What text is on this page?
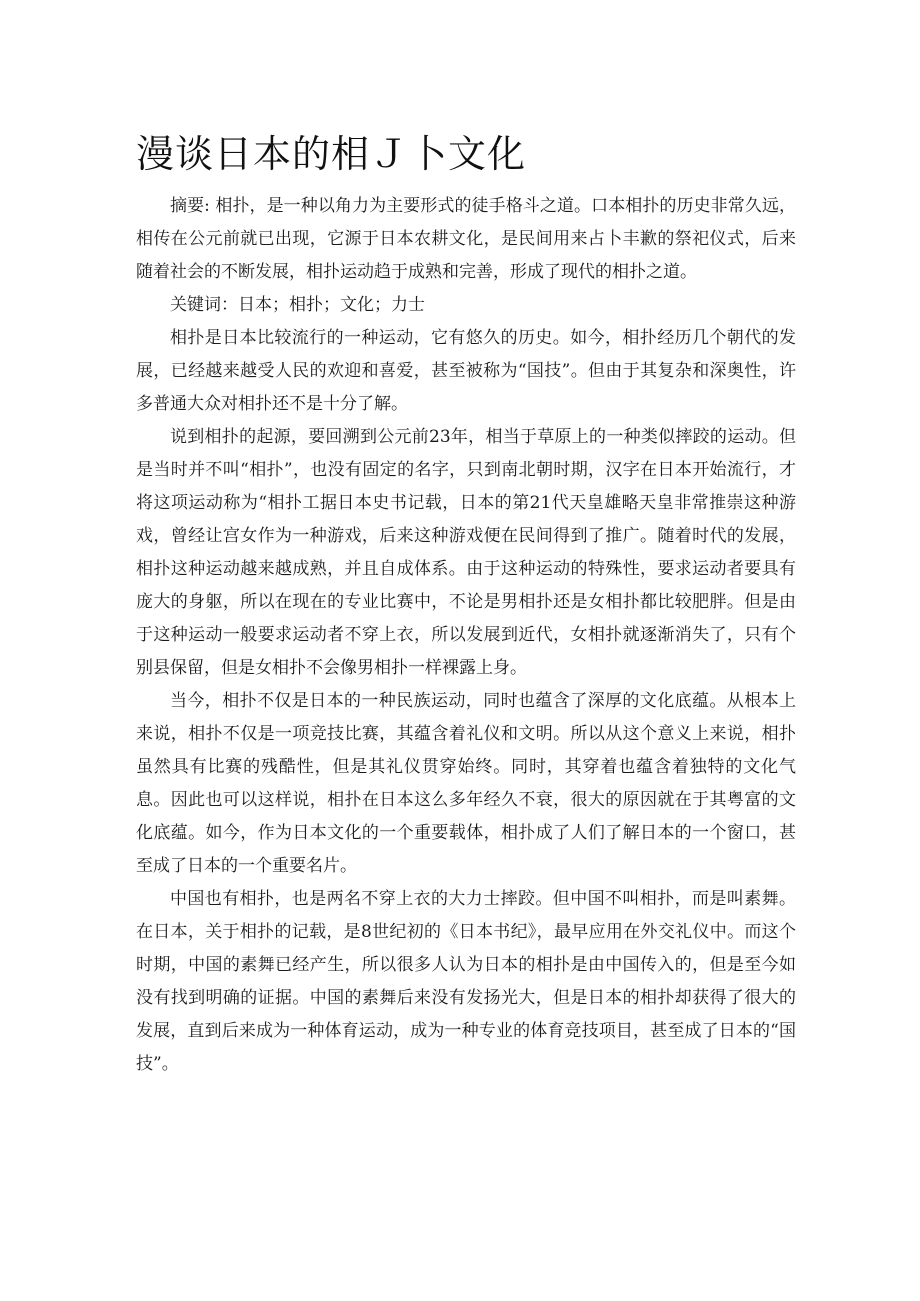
漫谈日本的相Ｊ卜文化

摘要: 相扑，是一种以角力为主要形式的徒手格斗之道。口本相扑的历史非常久远，相传在公元前就已出现，它源于日本农耕文化，是民间用来占卜丰歉的祭祀仪式，后来随着社会的不断发展，相扑运动趋于成熟和完善，形成了现代的相扑之道。

关键词：日本；相扑；文化；力士

相扑是日本比较流行的一种运动，它有悠久的历史。如今，相扑经历几个朝代的发展，已经越来越受人民的欢迎和喜爱，甚至被称为“国技”。但由于其复杂和深奥性，许多普通大众对相扑还不是十分了解。

说到相扑的起源，要回溯到公元前23年，相当于草原上的一种类似摔跤的运动。但是当时并不叫“相扑”，也没有固定的名字，只到南北朝时期，汉字在日本开始流行，才将这项运动称为“相扑工据日本史书记载，日本的第21代天皇雄略天皇非常推崇这种游戏，曾经让宫女作为一种游戏，后来这种游戏便在民间得到了推广。随着时代的发展，相扑这种运动越来越成熟，并且自成体系。由于这种运动的特殊性，要求运动者要具有庞大的身躯，所以在现在的专业比赛中，不论是男相扑还是女相扑都比较肥胖。但是由于这种运动一般要求运动者不穿上衣，所以发展到近代，女相扑就逐渐消失了，只有个别县保留，但是女相扑不会像男相扑一样裸露上身。

当今，相扑不仅是日本的一种民族运动，同时也蕴含了深厚的文化底蕴。从根本上来说，相扑不仅是一项竞技比赛，其蕴含着礼仪和文明。所以从这个意义上来说，相扑虽然具有比赛的残酷性，但是其礼仪贯穿始终。同时，其穿着也蕴含着独特的文化气息。因此也可以这样说，相扑在日本这么多年经久不衰，很大的原因就在于其粤富的文化底蕴。如今，作为日本文化的一个重要载体，相扑成了人们了解日本的一个窗口，甚至成了日本的一个重要名片。

中国也有相扑，也是两名不穿上衣的大力士摔跤。但中国不叫相扑，而是叫素舞。在日本，关于相扑的记载，是8世纪初的《日本书纪》，最早应用在外交礼仪中。而这个时期，中国的素舞已经产生，所以很多人认为日本的相扑是由中国传入的，但是至今如没有找到明确的证据。中国的素舞后来没有发扬光大，但是日本的相扑却获得了很大的发展，直到后来成为一种体育运动，成为一种专业的体育竞技项目，甚至成了日本的“国技”。
